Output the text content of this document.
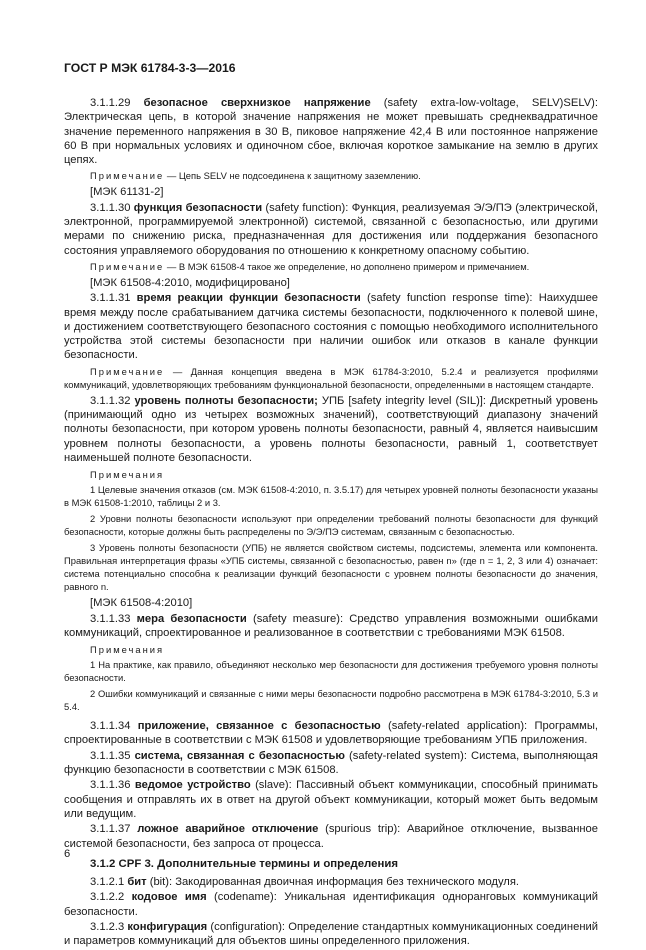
ГОСТ Р МЭК 61784-3-3—2016

3.1.1.29 безопасное сверхнизкое напряжение (safety extra-low-voltage, SELV)SELV): Электрическая цепь, в которой значение напряжения не может превышать среднеквадратичное значение переменного напряжения в 30 В, пиковое напряжение 42,4 В или постоянное напряжение 60 В при нормальных условиях и одиночном сбое, включая короткое замыкание на землю в других цепях.

Примечание — Цепь SELV не подсоединена к защитному заземлению.

[МЭК 61131-2]

3.1.1.30 функция безопасности (safety function): Функция, реализуемая Э/Э/ПЭ (электрической, электронной, программируемой электронной) системой, связанной с безопасностью, или другими мерами по снижению риска, предназначенная для достижения или поддержания безопасного состояния управляемого оборудования по отношению к конкретному опасному событию.

Примечание — В МЭК 61508-4 такое же определение, но дополнено примером и примечанием.

[МЭК 61508-4:2010, модифицировано]

3.1.1.31 время реакции функции безопасности (safety function response time): Наихудшее время между после срабатыванием датчика системы безопасности, подключенного к полевой шине, и достижением соответствующего безопасного состояния с помощью необходимого исполнительного устройства этой системы безопасности при наличии ошибок или отказов в канале функции безопасности.

Примечание — Данная концепция введена в МЭК 61784-3:2010, 5.2.4 и реализуется профилями коммуникаций, удовлетворяющих требованиям функциональной безопасности, определенными в настоящем стандарте.

3.1.1.32 уровень полноты безопасности; УПБ [safety integrity level (SIL)]: Дискретный уровень (принимающий одно из четырех возможных значений), соответствующий диапазону значений полноты безопасности, при котором уровень полноты безопасности, равный 4, является наивысшим уровнем полноты безопасности, а уровень полноты безопасности, равный 1, соответствует наименьшей полноте безопасности.

Примечания

1 Целевые значения отказов (см. МЭК 61508-4:2010, п. 3.5.17) для четырех уровней полноты безопасности указаны в МЭК 61508-1:2010, таблицы 2 и 3.

2 Уровни полноты безопасности используют при определении требований полноты безопасности для функций безопасности, которые должны быть распределены по Э/Э/ПЭ системам, связанным с безопасностью.

3 Уровень полноты безопасности (УПБ) не является свойством системы, подсистемы, элемента или компонента. Правильная интерпретация фразы «УПБ системы, связанной с безопасностью, равен n» (где n = 1, 2, 3 или 4) означает: система потенциально способна к реализации функций безопасности с уровнем полноты безопасности до значения, равного n.

[МЭК 61508-4:2010]

3.1.1.33 мера безопасности (safety measure): Средство управления возможными ошибками коммуникаций, спроектированное и реализованное в соответствии с требованиями МЭК 61508.

Примечания

1 На практике, как правило, объединяют несколько мер безопасности для достижения требуемого уровня полноты безопасности.

2 Ошибки коммуникаций и связанные с ними меры безопасности подробно рассмотрена в МЭК 61784-3:2010, 5.3 и 5.4.

3.1.1.34 приложение, связанное с безопасностью (safety-related application): Программы, спроектированные в соответствии с МЭК 61508 и удовлетворяющие требованиям УПБ приложения.

3.1.1.35 система, связанная с безопасностью (safety-related system): Система, выполняющая функцию безопасности в соответствии с МЭК 61508.

3.1.1.36 ведомое устройство (slave): Пассивный объект коммуникации, способный принимать сообщения и отправлять их в ответ на другой объект коммуникации, который может быть ведомым или ведущим.

3.1.1.37 ложное аварийное отключение (spurious trip): Аварийное отключение, вызванное системой безопасности, без запроса от процесса.

3.1.2 CPF 3. Дополнительные термины и определения

3.1.2.1 бит (bit): Закодированная двоичная информация без технического модуля.

3.1.2.2 кодовое имя (codename): Уникальная идентификация одноранговых коммуникаций безопасности.

3.1.2.3 конфигурация (configuration): Определение стандартных коммуникационных соединений и параметров коммуникаций для объектов шины определенного приложения.

6
